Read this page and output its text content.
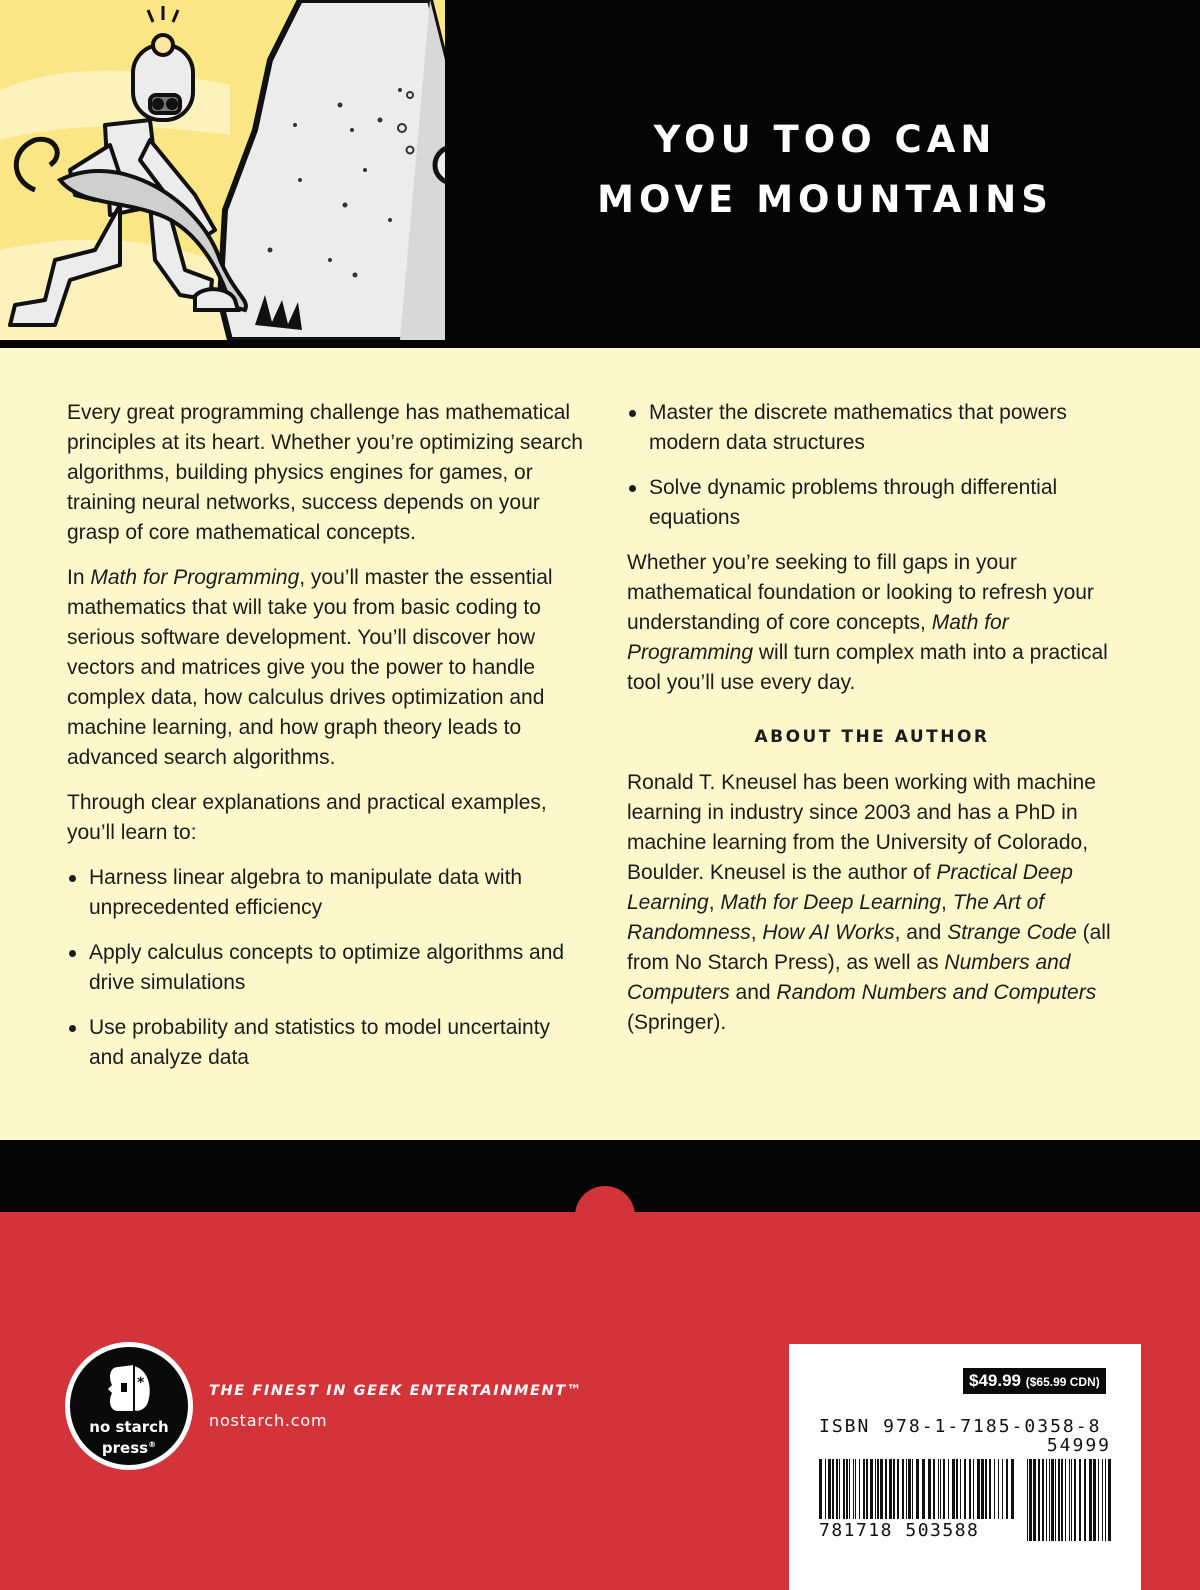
YOU TOO CAN
MOVE MOUNTAINS

Every great programming challenge has mathematical principles at its heart. Whether you’re optimizing search algorithms, building physics engines for games, or training neural networks, success depends on your grasp of core mathematical concepts.

In Math for Programming, you’ll master the essential mathematics that will take you from basic coding to serious software development. You’ll discover how vectors and matrices give you the power to handle complex data, how calculus drives optimization and machine learning, and how graph theory leads to advanced search algorithms.

Through clear explanations and practical examples, you’ll learn to:

Harness linear algebra to manipulate data with unprecedented efficiency
Apply calculus concepts to optimize algorithms and drive simulations
Use probability and statistics to model uncertainty and analyze data
Master the discrete mathematics that powers modern data structures
Solve dynamic problems through differential equations

Whether you’re seeking to fill gaps in your mathematical foundation or looking to refresh your understanding of core concepts, Math for Programming will turn complex math into a practical tool you’ll use every day.

ABOUT THE AUTHOR

Ronald T. Kneusel has been working with machine learning in industry since 2003 and has a PhD in machine learning from the University of Colorado, Boulder. Kneusel is the author of Practical Deep Learning, Math for Deep Learning, The Art of Randomness, How AI Works, and Strange Code (all from No Starch Press), as well as Numbers and Computers and Random Numbers and Computers (Springer).

*
no starch
press®
THE FINEST IN GEEK ENTERTAINMENT™
nostarch.com
$49.99 ($65.99 CDN)
ISBN 978-1-7185-0358-8
54999
781718 503588
